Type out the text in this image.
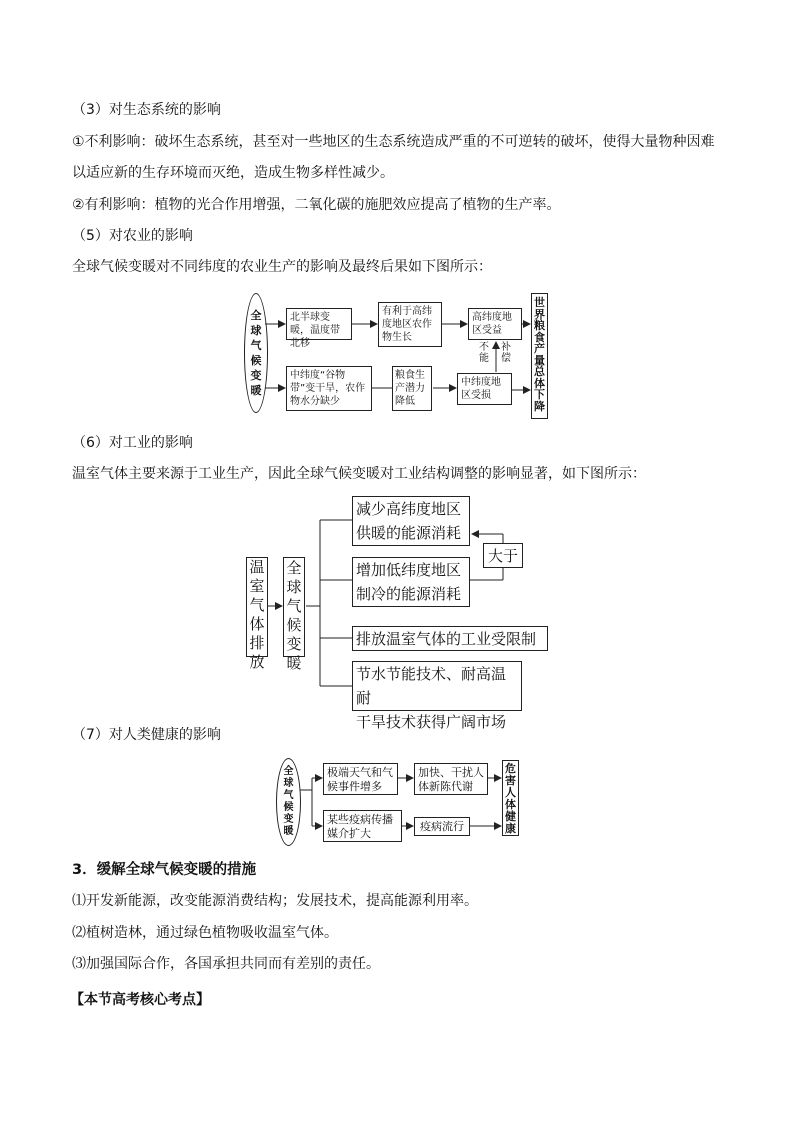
（3）对生态系统的影响
①不利影响：破坏生态系统，甚至对一些地区的生态系统造成严重的不可逆转的破坏，使得大量物种因难
以适应新的生存环境而灭绝，造成生物多样性减少。
②有利影响：植物的光合作用增强，二氧化碳的施肥效应提高了植物的生产率。
（5）对农业的影响
全球气候变暖对不同纬度的农业生产的影响及最终后果如下图所示：
全
球
气
候
变
暖
北半球变暖，温度带北移
有利于高纬度地区农作物生长
高纬度地区受益
中纬度“谷物带”变干旱，农作物水分缺少
粮食生产潜力降低
中纬度地区受损
不
能
补
偿
世
界
粮
食
产
量
总
体
下
降
（6）对工业的影响
温室气体主要来源于工业生产，因此全球气候变暖对工业结构调整的影响显著，如下图所示：
温
室
气
体
排
放
全
球
气
候
变
暖
减少高纬度地区
供暖的能源消耗
增加低纬度地区
制冷的能源消耗
大于
排放温室气体的工业受限制
节水节能技术、耐高温耐
干旱技术获得广阔市场
（7）对人类健康的影响
全
球
气
候
变
暖
极端天气和气候事件增多
加快、干扰人体新陈代谢
某些疫病传播媒介扩大
疫病流行
危
害
人
体
健
康
3．缓解全球气候变暖的措施
⑴开发新能源，改变能源消费结构；发展技术，提高能源利用率。
⑵植树造林，通过绿色植物吸收温室气体。
⑶加强国际合作，各国承担共同而有差别的责任。
【本节高考核心考点】
